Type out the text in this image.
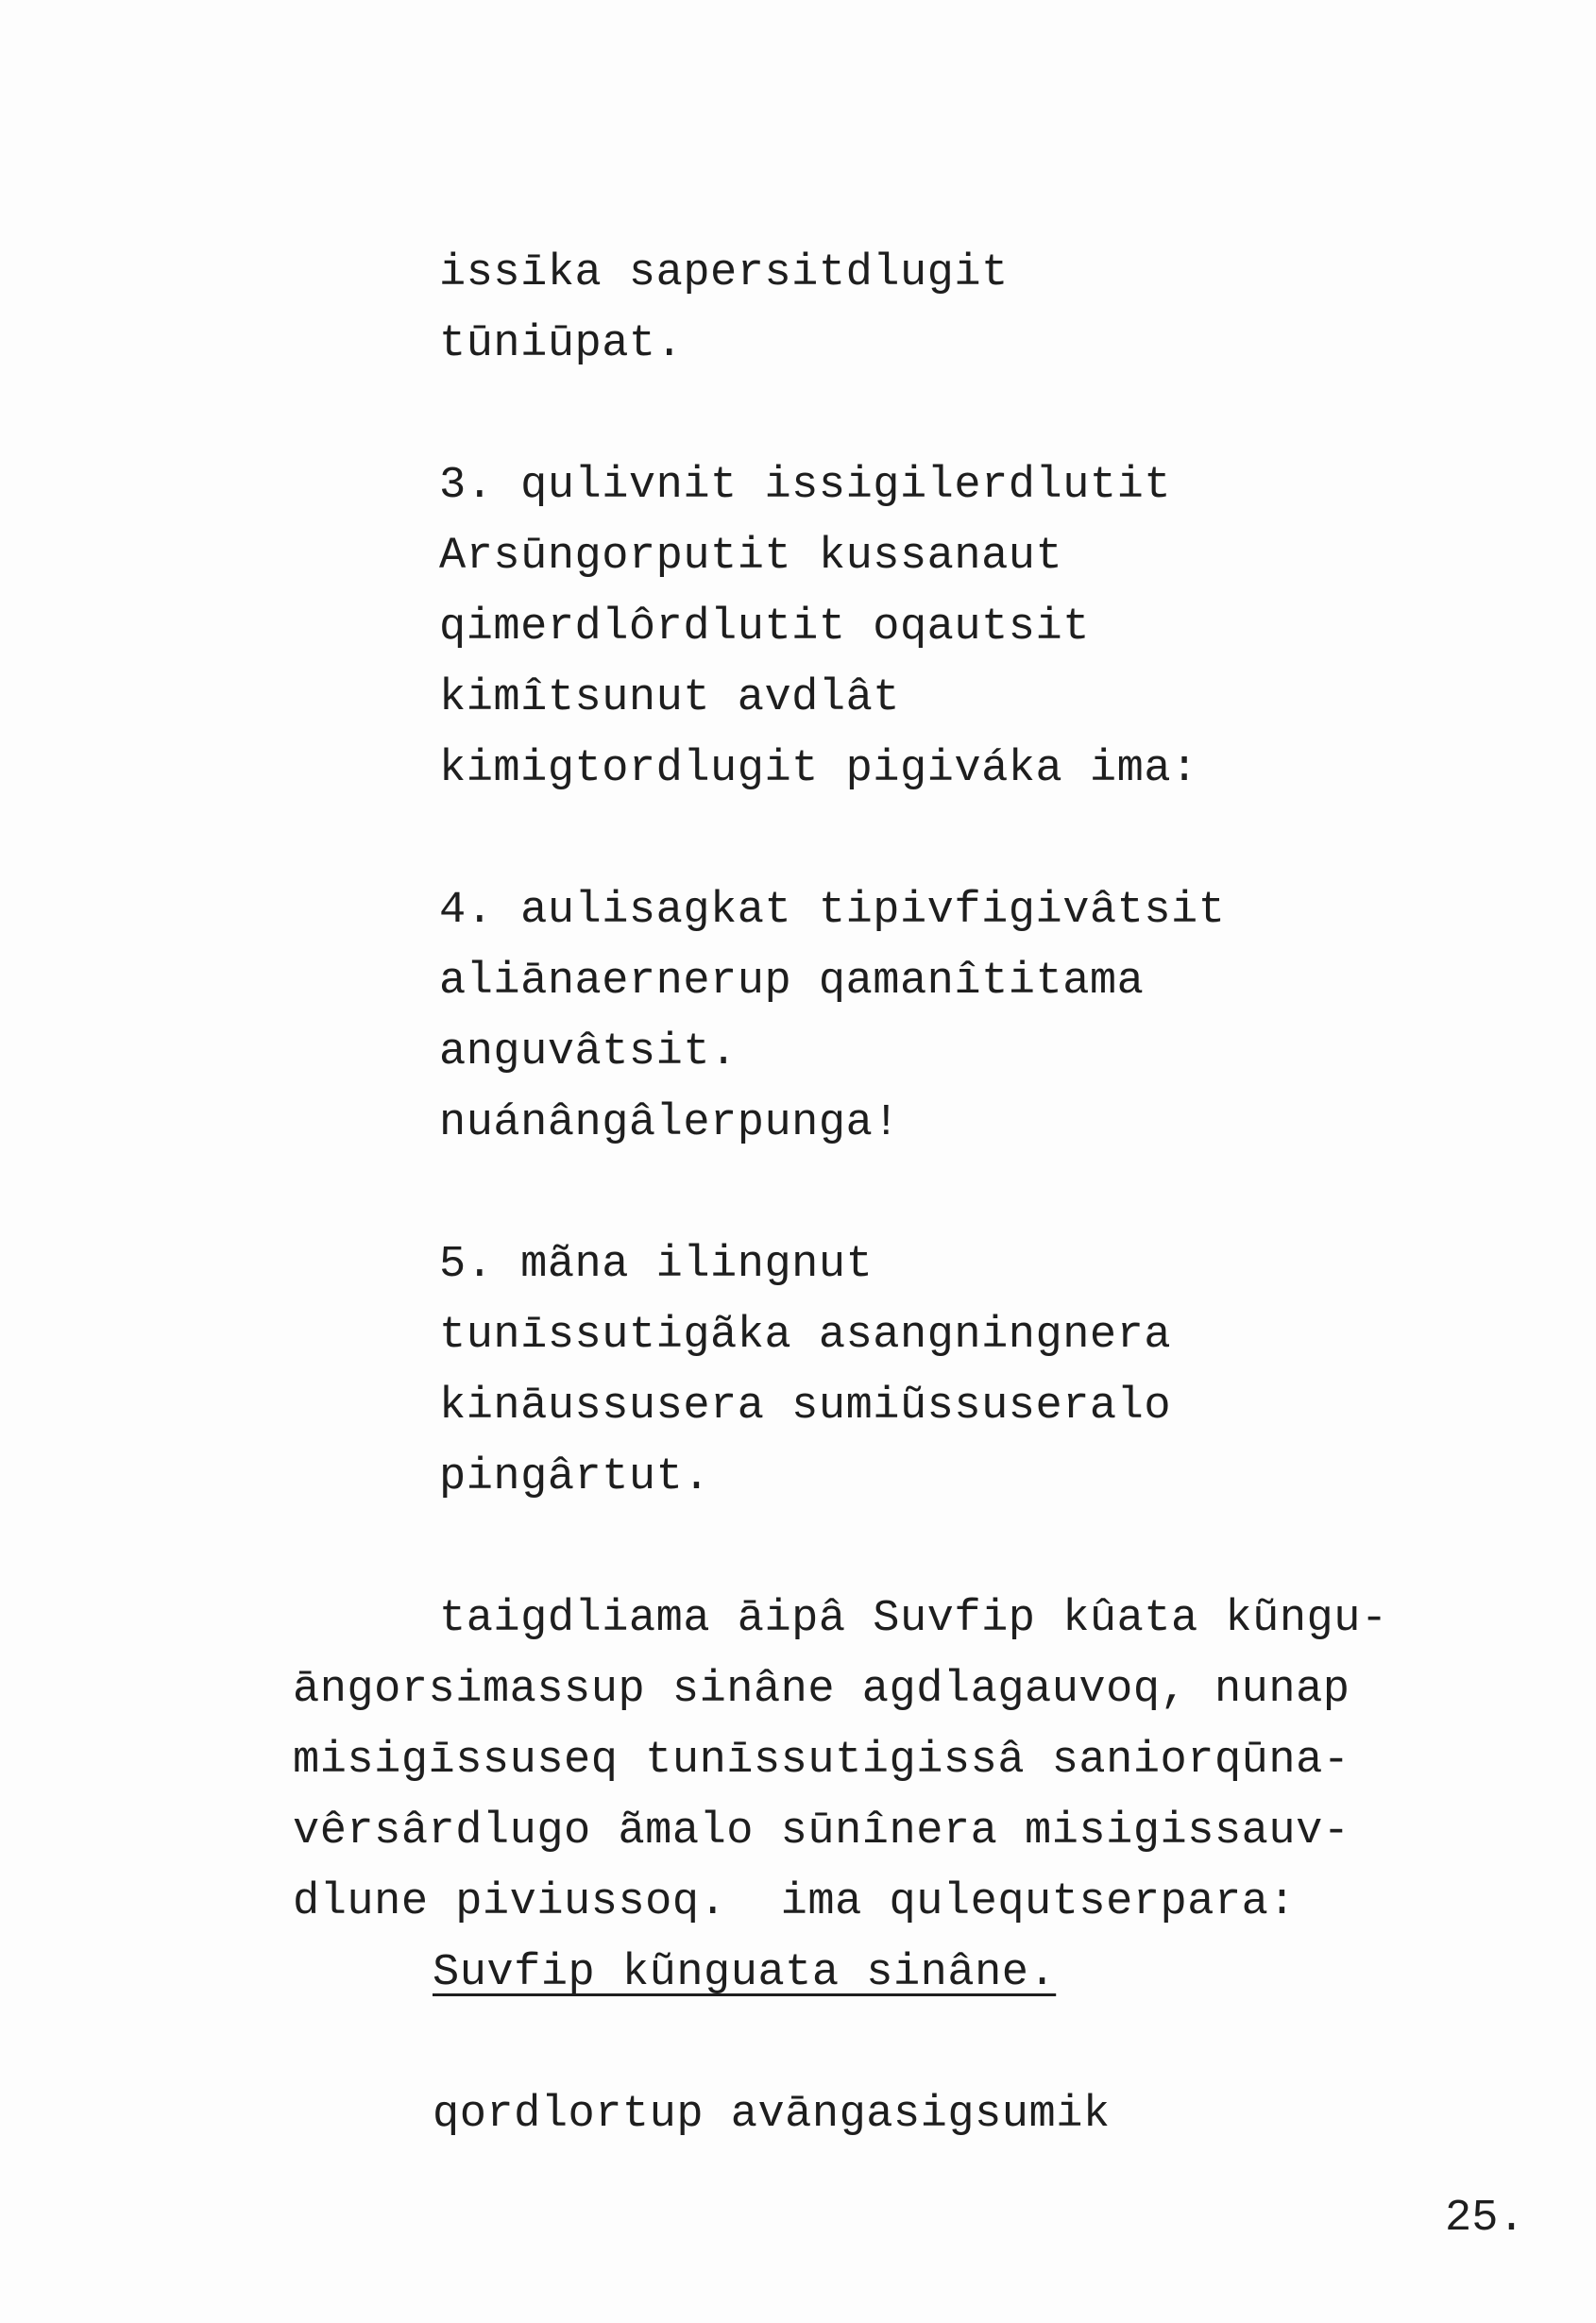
issīka sapersitdlugit
tūniūpat.
3. qulivnit issigilerdlutit
Arsūngorputit kussanaut
qimerdlôrdlutit oqautsit
kimîtsunut avdlât
kimigtordlugit pigiváka ima:
4. aulisagkat tipivfigivâtsit
aliānaernerup qamanîtitama
anguvâtsit.
nuánângâlerpunga!
5. mãna ilingnut
tunīssutigãka asangningnera
kināussusera sumiũssuseralo
pingârtut.
taigdliama āipâ Suvfip kûata kũngu-
āngorsimassup sinâne agdlagauvoq, nunap
misigīssuseq tunīssutigissâ saniorqūna-
vêrsârdlugo ãmalo sūnînera misigissauv-
dlune piviussoq.  ima qulequtserpara:
Suvfip kũnguata sinâne.
qordlortup avāngasigsumik
25.
